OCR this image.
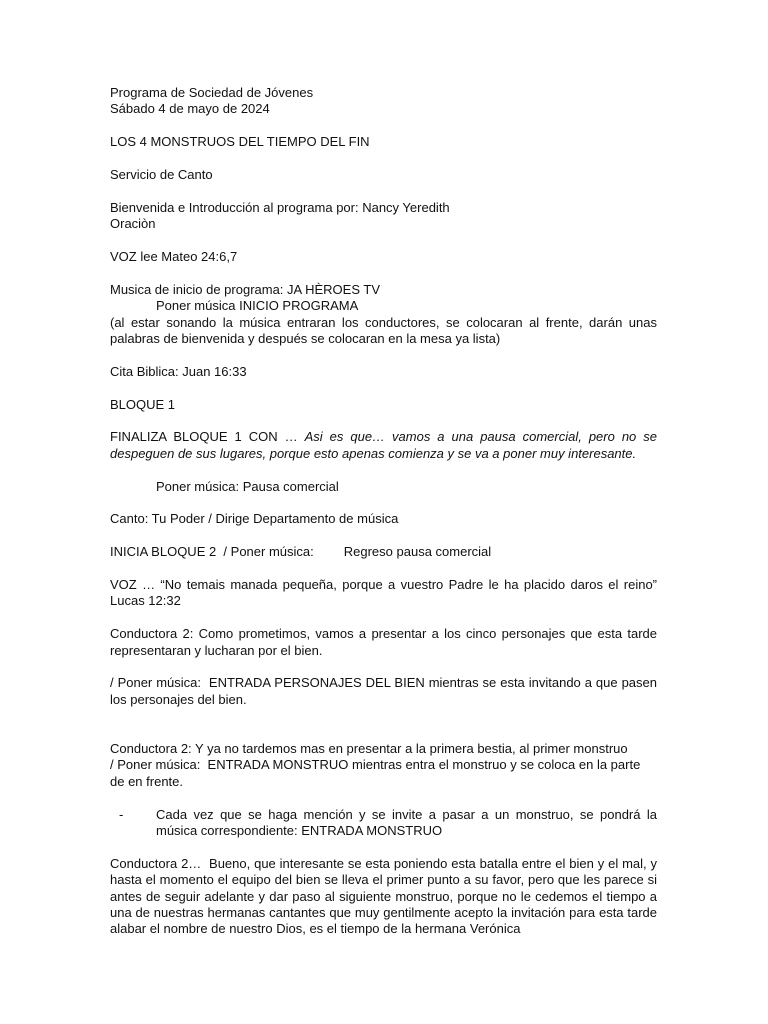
Programa de Sociedad de Jóvenes
Sábado 4 de mayo de 2024
LOS 4 MONSTRUOS DEL TIEMPO DEL FIN
Servicio de Canto
Bienvenida e Introducción al programa por: Nancy Yeredith
Oraciòn
VOZ lee Mateo 24:6,7
Musica de inicio de programa: JA HÈROES TV
Poner música INICIO PROGRAMA
(al estar sonando la música entraran los conductores, se colocaran al frente, darán unas palabras de bienvenida y después se colocaran en la mesa ya lista)
Cita Biblica: Juan 16:33
BLOQUE 1

FINALIZA BLOQUE 1 CON … Asi es que… vamos a una pausa comercial, pero no se despeguen de sus lugares, porque esto apenas comienza y se va a poner muy interesante.

Poner música: Pausa comercial
Canto: Tu Poder / Dirige Departamento de música
INICIA BLOQUE 2  / Poner música: Regreso pausa comercial
VOZ … “No temais manada pequeña, porque a vuestro Padre le ha placido daros el reino” Lucas 12:32
Conductora 2: Como prometimos, vamos a presentar a los cinco personajes que esta tarde representaran y lucharan por el bien.
/ Poner música:  ENTRADA PERSONAJES DEL BIEN mientras se esta invitando a que pasen los personajes del bien.
Conductora 2: Y ya no tardemos mas en presentar a la primera bestia, al primer monstruo
/ Poner música:  ENTRADA MONSTRUO mientras entra el monstruo y se coloca en la parte de en frente.
-	Cada vez que se haga mención y se invite a pasar a un monstruo, se pondrá la música correspondiente: ENTRADA MONSTRUO
Conductora 2…  Bueno, que interesante se esta poniendo esta batalla entre el bien y el mal, y hasta el momento el equipo del bien se lleva el primer punto a su favor, pero que les parece si antes de seguir adelante y dar paso al siguiente monstruo, porque no le cedemos el tiempo a una de nuestras hermanas cantantes que muy gentilmente acepto la invitación para esta tarde alabar el nombre de nuestro Dios, es el tiempo de la hermana Verónica
